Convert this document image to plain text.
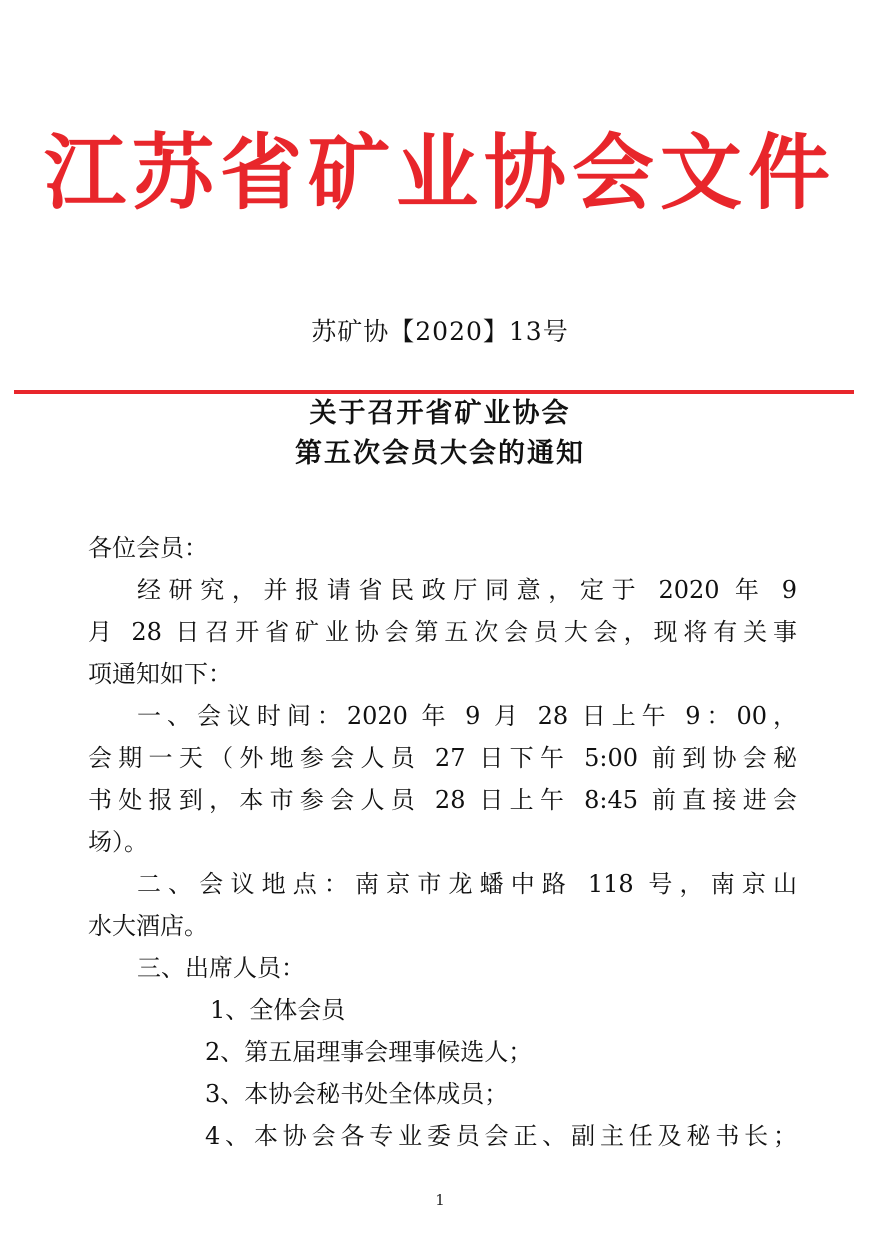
江苏省矿业协会文件
苏矿协【2020】13号
关于召开省矿业协会
第五次会员大会的通知
各位会员：
经研究，并报请省民政厅同意，定于 2020 年 9
月 28 日召开省矿业协会第五次会员大会，现将有关事
项通知如下：
一、会议时间：2020 年 9 月 28 日上午 9：00，
会期一天（外地参会人员 27 日下午 5:00 前到协会秘
书处报到，本市参会人员 28 日上午 8:45 前直接进会
场）。
二、会议地点：南京市龙蟠中路 118 号，南京山
水大酒店。
三、出席人员：
1、全体会员
2、第五届理事会理事候选人；
3、本协会秘书处全体成员；
4、本协会各专业委员会正、副主任及秘书长；
1
